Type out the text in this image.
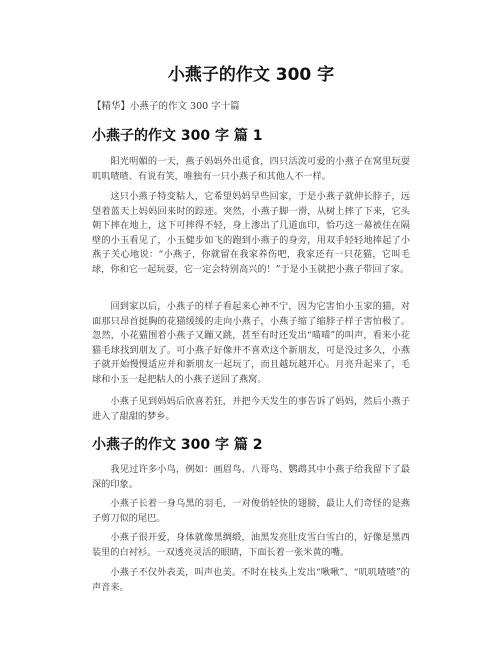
小燕子的作文 300 字
【精华】小燕子的作文 300 字十篇
小燕子的作文 300 字 篇 1

阳光明媚的一天，燕子妈妈外出觅食，四只活泼可爱的小燕子在窝里玩耍叽叽喳喳、有说有笑，唯独有一只小燕子和其他人不一样。

这只小燕子特变粘人，它希望妈妈早些回家，于是小燕子就伸长脖子，远望着蓝天上妈妈回来时的踪迹。突然，小燕子脚一滑，从树上摔了下来，它头朝下摔在地上，这下可摔得不轻，身上渗出了几道血印，恰巧这一幕被住在隔壁的小玉看见了，小玉健步如飞的跑到小燕子的身旁，用双手轻轻地捧起了小燕子关心地说：“小燕子，你就留在我家养伤吧，我家还有一只花猫，它叫毛球，你和它一起玩耍，它一定会特别高兴的！”于是小玉就把小燕子带回了家。

回到家以后，小燕子的样子看起来心神不宁，因为它害怕小玉家的猫，对面那只昂首挺胸的花猫缓缓的走向小燕子，小燕子缩了缩脖子样子害怕极了。忽然，小花猫围着小燕子又蹦又跳，甚至有时还发出“喵喵”的叫声，看来小花猫毛球找到朋友了。可小燕子好像并不喜欢这个新朋友，可是没过多久，小燕子就开始慢慢适应并和新朋友一起玩了，而且越玩越开心。月亮升起来了，毛球和小玉一起把粘人的小燕子送回了燕窝。

小燕子见到妈妈后欣喜若狂，并把今天发生的事告诉了妈妈，然后小燕子进入了甜甜的梦乡。

小燕子的作文 300 字 篇 2

我见过许多小鸟，例如：画眉鸟、八哥鸟、鹦鹉其中小燕子给我留下了最深的印象。

小燕子长着一身乌黑的羽毛，一对俊俏轻快的翅膀，最让人们奇怪的是燕子剪刀似的尾巴。

小燕子很开爱，身体就像黑绸缎，油黑发亮肚皮雪白雪白的，好像是黑西装里的白衬衫。一双透亮灵活的眼睛，下面长着一张米黄的嘴。

小燕子不仅外表美，叫声也美。不时在枝头上发出“啾啾”、“叽叽喳喳”的声音来。
